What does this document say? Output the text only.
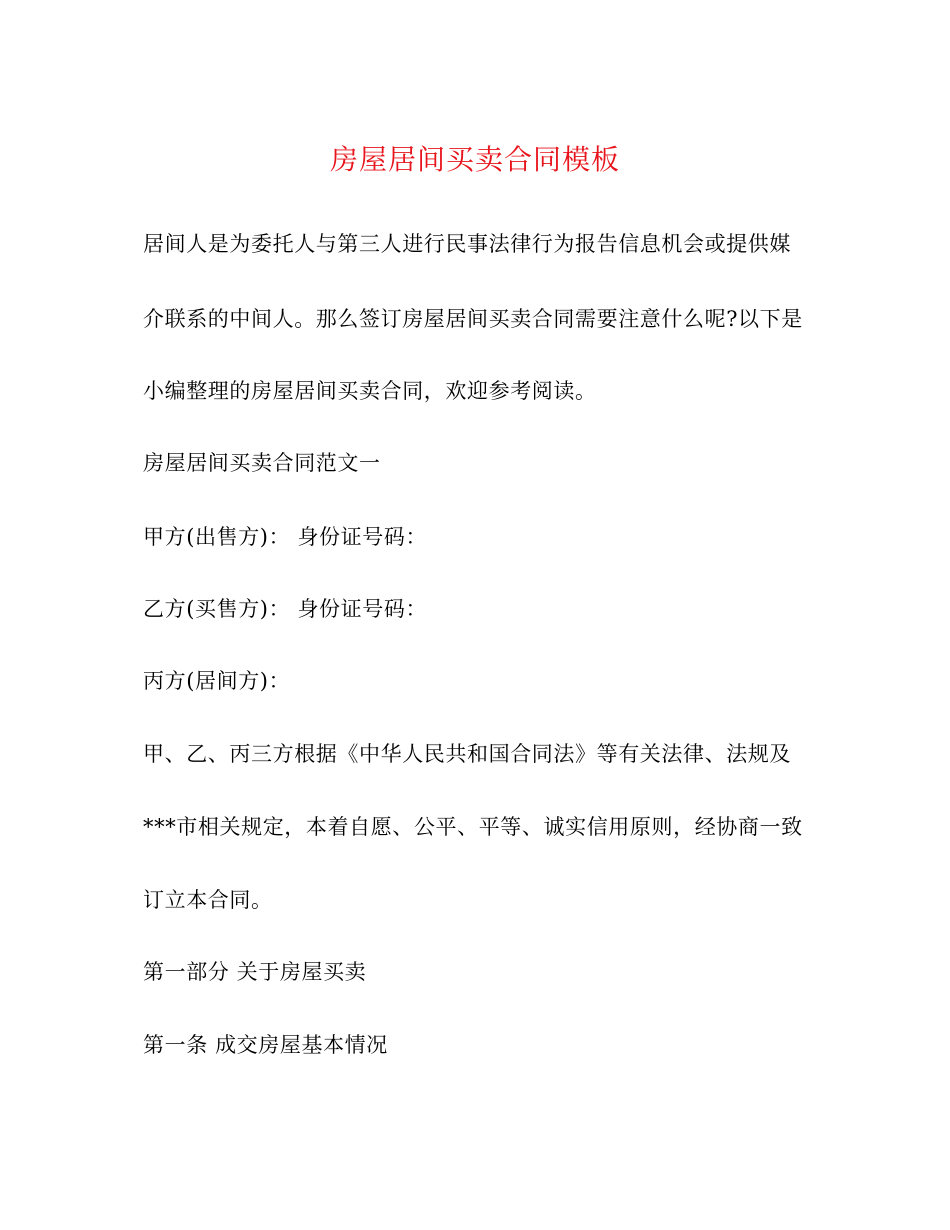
房屋居间买卖合同模板
居间人是为委托人与第三人进行民事法律行为报告信息机会或提供媒
介联系的中间人。那么签订房屋居间买卖合同需要注意什么呢?以下是
小编整理的房屋居间买卖合同，欢迎参考阅读。
房屋居间买卖合同范文一
甲方(出售方)： 身份证号码：
乙方(买售方)： 身份证号码：
丙方(居间方)：
甲、乙、丙三方根据《中华人民共和国合同法》等有关法律、法规及
***市相关规定，本着自愿、公平、平等、诚实信用原则，经协商一致
订立本合同。
第一部分 关于房屋买卖
第一条 成交房屋基本情况
